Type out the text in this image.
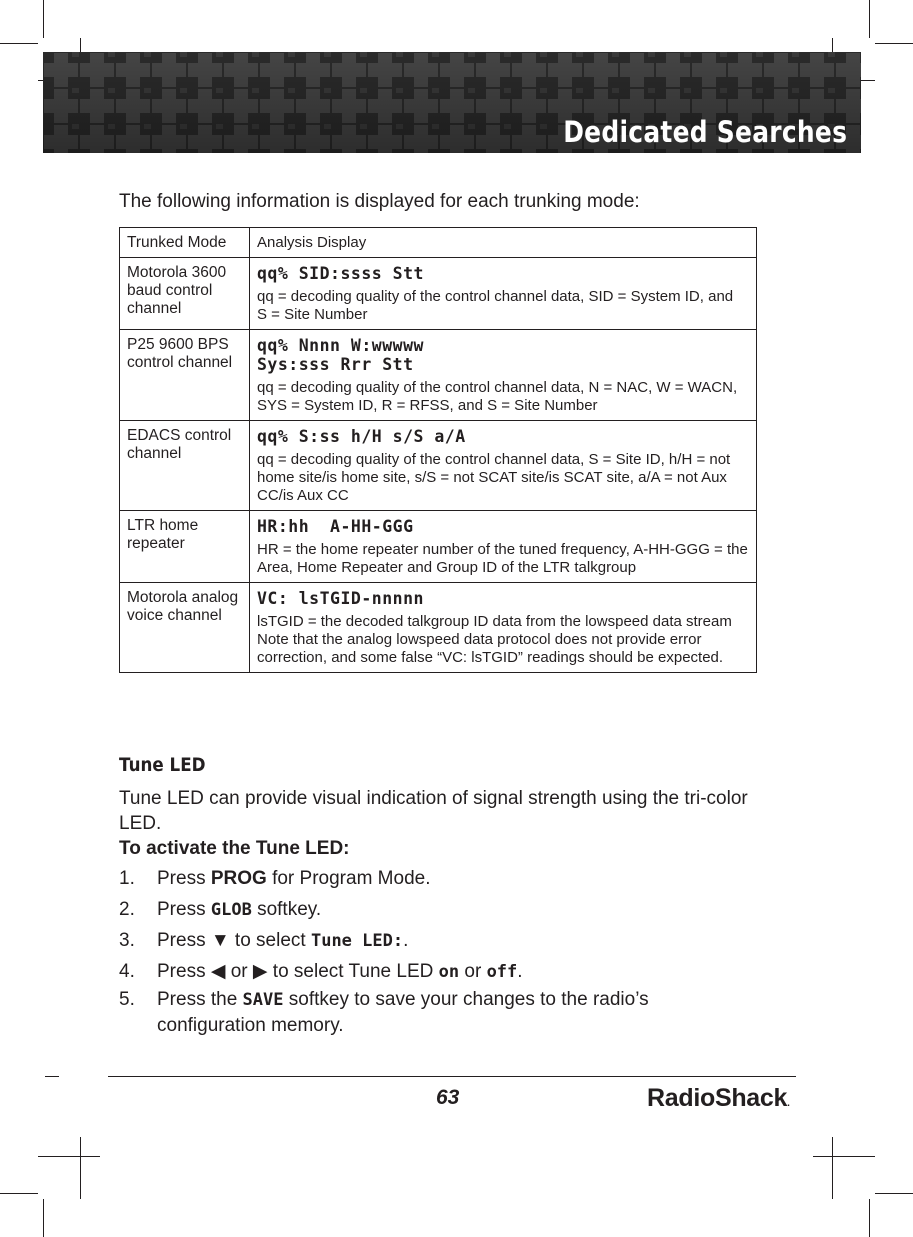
Dedicated Searches
The following information is displayed for each trunking mode:
Trunked Mode	Analysis Display
Motorola 3600 baud control channel	qq% SID:ssss Stt
qq = decoding quality of the control channel data, SID = System ID, and
S = Site Number

P25 9600 BPS control channel	qq% Nnnn W:wwwww
Sys:sss Rrr Stt
qq = decoding quality of the control channel data, N = NAC, W = WACN, SYS = System ID, R = RFSS, and S = Site Number

EDACS control channel	qq% S:ss h/H s/S a/A
qq = decoding quality of the control channel data, S = Site ID, h/H = not home site/is home site, s/S = not SCAT site/is SCAT site, a/A = not Aux CC/is Aux CC

LTR home repeater	HR:hh  A-HH-GGG
HR = the home repeater number of the tuned frequency, A-HH-GGG = the Area, Home Repeater and Group ID of the LTR talkgroup

Motorola analog voice channel	VC: lsTGID-nnnnn
lsTGID = the decoded talkgroup ID data from the lowspeed data stream
Note that the analog lowspeed data protocol does not provide error correction, and some false “VC: lsTGID” readings should be expected.
Tune LED
Tune LED can provide visual indication of signal strength using the tri-color LED.
To activate the Tune LED:
1. Press PROG for Program Mode.
2. Press GLOB softkey.
3. Press ▼ to select Tune LED:.
4. Press ◀ or ▶ to select Tune LED on or off.
5. Press the SAVE softkey to save your changes to the radio’s configuration memory.
63	RadioShack.
